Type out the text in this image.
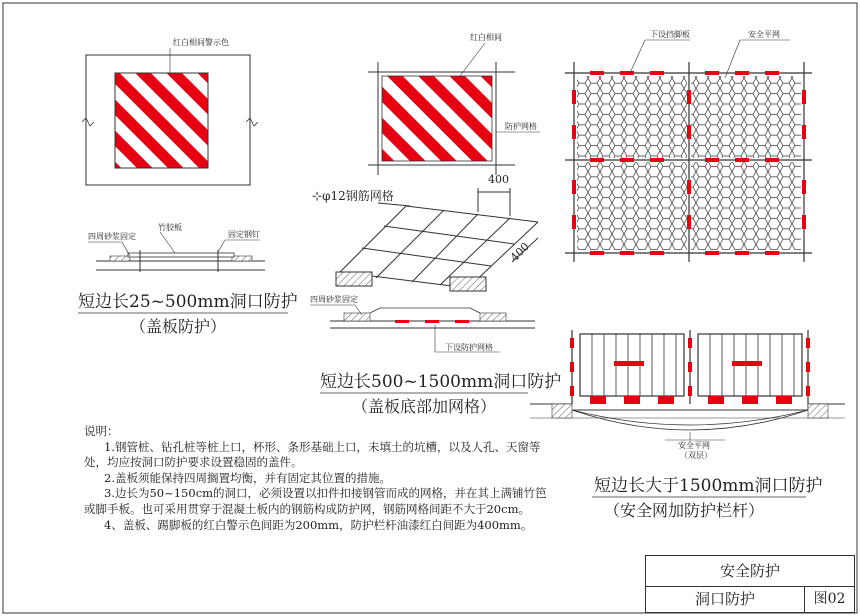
红白相间警示色
四周砂浆固定
竹胶板
固定钢钉
短边长25~500mm洞口防护
（盖板防护）
红白相间
防护网格
⊹φ12钢筋网格
400
400
四周砂浆固定
下设防护网格
短边长500~1500mm洞口防护
（盖板底部加网格）
下设挡脚板	安全平网
安全平网
（双层）
短边长大于1500mm洞口防护
（安全网加防护栏杆）

说明：

1.钢管桩、钻孔桩等桩上口，杯形、条形基础上口，未填土的坑槽，以及人孔、天窗等处，均应按洞口防护要求设置稳固的盖件。

2.盖板须能保持四周搁置均衡，并有固定其位置的措施。

3.边长为50~150cm的洞口，必须设置以扣件扣接钢管而成的网格，并在其上满铺竹笆或脚手板。也可采用贯穿于混凝土板内的钢筋构成防护网，钢筋网格间距不大于20cm。

4、盖板、踢脚板的红白警示色间距为200mm，防护栏杆油漆红白间距为400mm。

安全防护
洞口防护	图02
